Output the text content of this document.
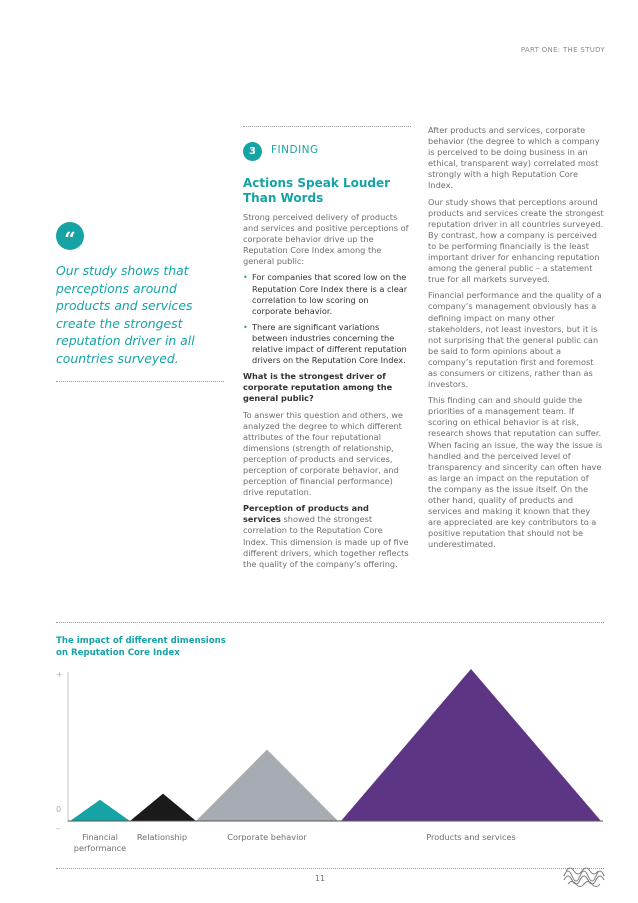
PART ONE: THE STUDY
“
Our study shows that perceptions around products and services create the strongest reputation driver in all countries surveyed.
3	FINDING
Actions Speak Louder Than Words

Strong perceived delivery of products and services and positive perceptions of corporate behavior drive up the Reputation Core Index among the general public:

• For companies that scored low on the Reputation Core Index there is a clear correlation to low scoring on corporate behavior.
• There are significant variations between industries concerning the relative impact of different reputation drivers on the Reputation Core Index.

What is the strongest driver of corporate reputation among the general public?

To answer this question and others, we analyzed the degree to which different attributes of the four reputational dimensions (strength of relationship, perception of products and services, perception of corporate behavior, and perception of financial performance) drive reputation.

Perception of products and services showed the strongest correlation to the Reputation Core Index. This dimension is made up of five different drivers, which together reflects the quality of the company’s offering.

After products and services, corporate behavior (the degree to which a company is perceived to be doing business in an ethical, transparent way) correlated most strongly with a high Reputation Core Index.

Our study shows that perceptions around products and services create the strongest reputation driver in all countries surveyed. By contrast, how a company is perceived to be performing financially is the least important driver for enhancing reputation among the general public – a statement true for all markets surveyed.

Financial performance and the quality of a company’s management obviously has a defining impact on many other stakeholders, not least investors, but it is not surprising that the general public can be said to form opinions about a company’s reputation first and foremost as consumers or citizens, rather than as investors.

This finding can and should guide the priorities of a management team. If scoring on ethical behavior is at risk, research shows that reputation can suffer. When facing an issue, the way the issue is handled and the perceived level of transparency and sincerity can often have as large an impact on the reputation of the company as the issue itself. On the other hand, quality of products and services and making it known that they are appreciated are key contributors to a positive reputation that should not be underestimated.

The impact of different dimensions on Reputation Core Index
+
0
–
Financial performance
Relationship	Corporate behavior	Products and services
11
